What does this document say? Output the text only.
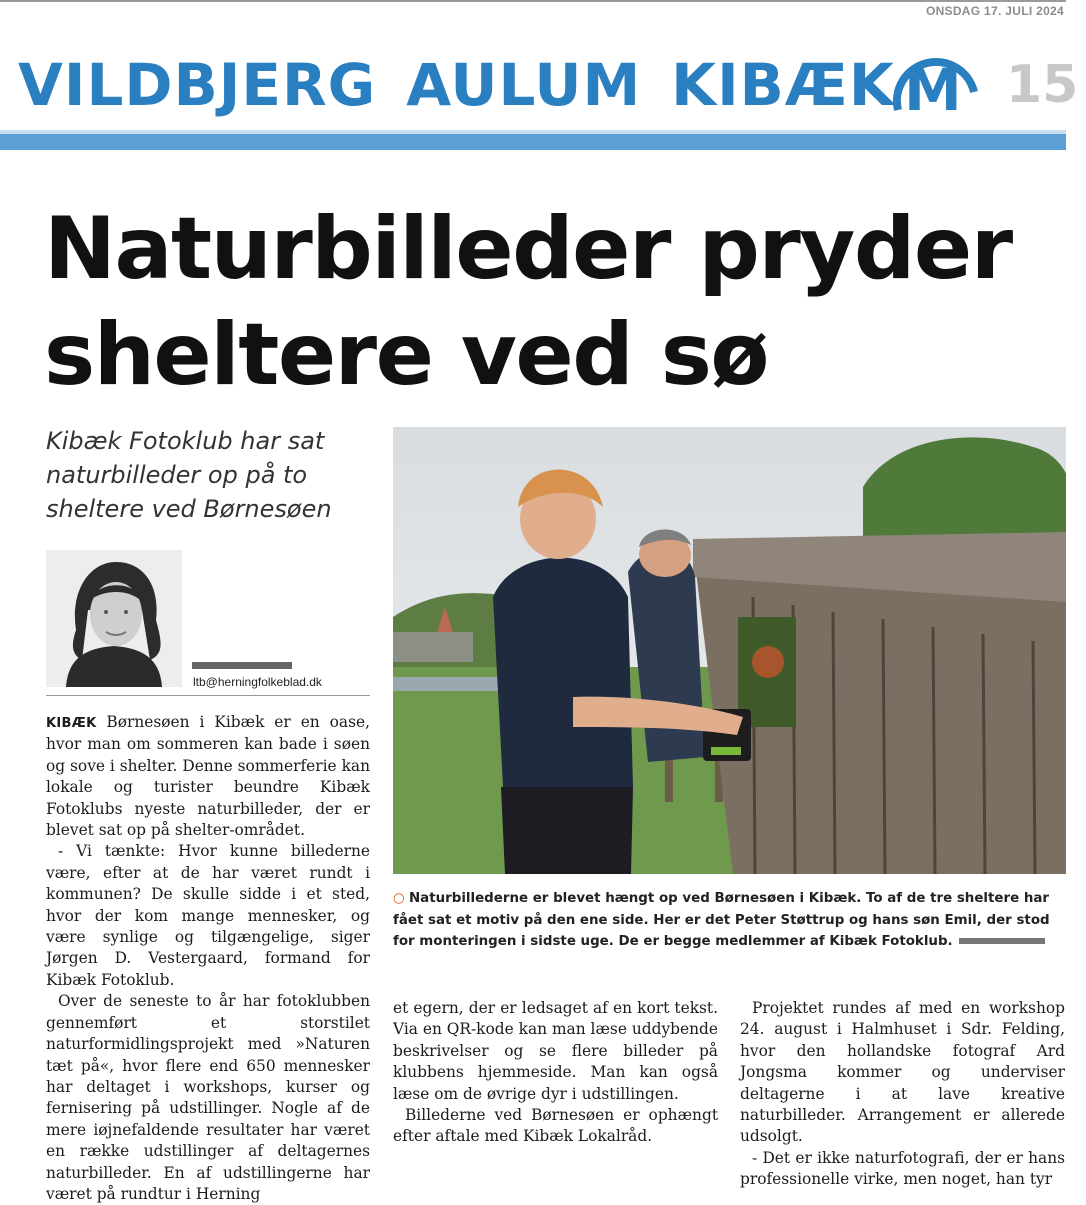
ONSDAG 17. JULI 2024
VILDBJERG AULUM KIBÆK M 15
Naturbilleder pryder
sheltere ved sø
Kibæk Fotoklub har sat naturbilleder op på to sheltere ved Børnesøen
ltb@herningfolkeblad.dk

KIBÆK Børnesøen i Kibæk er en oase, hvor man om sommeren kan bade i søen og sove i shelter. Denne sommerferie kan lokale og turister beundre Kibæk Fotoklubs nyeste naturbilleder, der er blevet sat op på shelter-området.

- Vi tænkte: Hvor kunne billederne være, efter at de har været rundt i kommunen? De skulle sidde i et sted, hvor der kom mange mennesker, og være synlige og tilgængelige, siger Jørgen D. Vestergaard, formand for Kibæk Fotoklub.

Over de seneste to år har fotoklubben gennemført et storstilet naturformidlingsprojekt med »Naturen tæt på«, hvor flere end 650 mennesker har deltaget i workshops, kurser og fernisering på udstillinger. Nogle af de mere iøjnefaldende resultater har været en række udstillinger af deltagernes naturbilleder. En af udstillingerne har været på rundtur i Herning

○ Naturbillederne er blevet hængt op ved Børnesøen i Kibæk. To af de tre sheltere har fået sat et motiv på den ene side. Her er det Peter Støttrup og hans søn Emil, der stod for monteringen i sidste uge. De er begge medlemmer af Kibæk Fotoklub.

et egern, der er ledsaget af en kort tekst. Via en QR-kode kan man læse uddybende beskrivelser og se flere billeder på klubbens hjemmeside. Man kan også læse om de øvrige dyr i udstillingen.

Billederne ved Børnesøen er ophængt efter aftale med Kibæk Lokalråd.

Projektet rundes af med en workshop 24. august i Halmhuset i Sdr. Felding, hvor den hollandske fotograf Ard Jongsma kommer og underviser deltagerne i at lave kreative naturbilleder. Arrangement er allerede udsolgt.

- Det er ikke naturfotografi, der er hans professionelle virke, men noget, han tyr
